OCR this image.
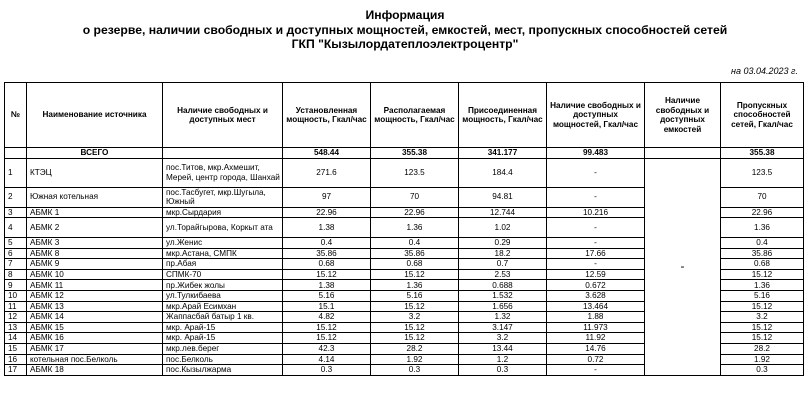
Информация
о резерве, наличии свободных и доступных мощностей, емкостей, мест, пропускных способностей сетей
ГКП "Кызылордатеплоэлектроцентр"
на 03.04.2023 г.
№	Наименование источника	Наличие свободных и доступных мест	Установленная мощность, Гкал/час	Располагаемая мощность, Гкал/час	Присоединенная мощность, Гкал/час	Наличие свободных и доступных мощностей, Гкал/час	Наличие свободных и доступных емкостей	Пропускных способностей сетей, Гкал/час
	ВСЕГО		548.44	355.38	341.177	99.483		355.38
1	КТЭЦ	пос.Титов, мкр.Ахмешит, Мерей, центр города, Шанхай	271.6	123.5	184.4	-	-	123.5
2	Южная котельная	пос.Тасбугет, мкр.Шугыла, Южный	97	70	94.81	-		70
3	АБМК 1	мкр.Сырдария	22.96	22.96	12.744	10.216		22.96
4	АБМК 2	ул.Торайгырова, Коркыт ата	1.38	1.36	1.02	-		1.36
5	АБМК 3	ул.Женис	0.4	0.4	0.29	-		0.4
6	АБМК 8	мкр.Астана, СМПК	35.86	35.86	18.2	17.66		35.86
7	АБМК 9	пр.Абая	0.68	0.68	0.7	-		0.68
8	АБМК 10	СПМК-70	15.12	15.12	2.53	12.59		15.12
9	АБМК 11	пр.Жибек жолы	1.38	1.36	0.688	0.672		1.36
10	АБМК 12	ул.Тулкибаева	5.16	5.16	1.532	3.628		5.16
11	АБМК 13	мкр.Арай Есимхан	15.1	15.12	1.656	13.464		15.12
12	АБМК 14	Жаппасбай батыр 1 кв.	4.82	3.2	1.32	1.88		3.2
13	АБМК 15	мкр. Арай-15	15.12	15.12	3.147	11.973		15.12
14	АБМК 16	мкр. Арай-15	15.12	15.12	3.2	11.92		15.12
15	АБМК 17	мкр.лев.берег	42.3	28.2	13.44	14.76		28.2
16	котельная пос.Белколь	пос.Белколь	4.14	1.92	1.2	0.72		1.92
17	АБМК 18	пос.Кызылжарма	0.3	0.3	0.3	-		0.3
